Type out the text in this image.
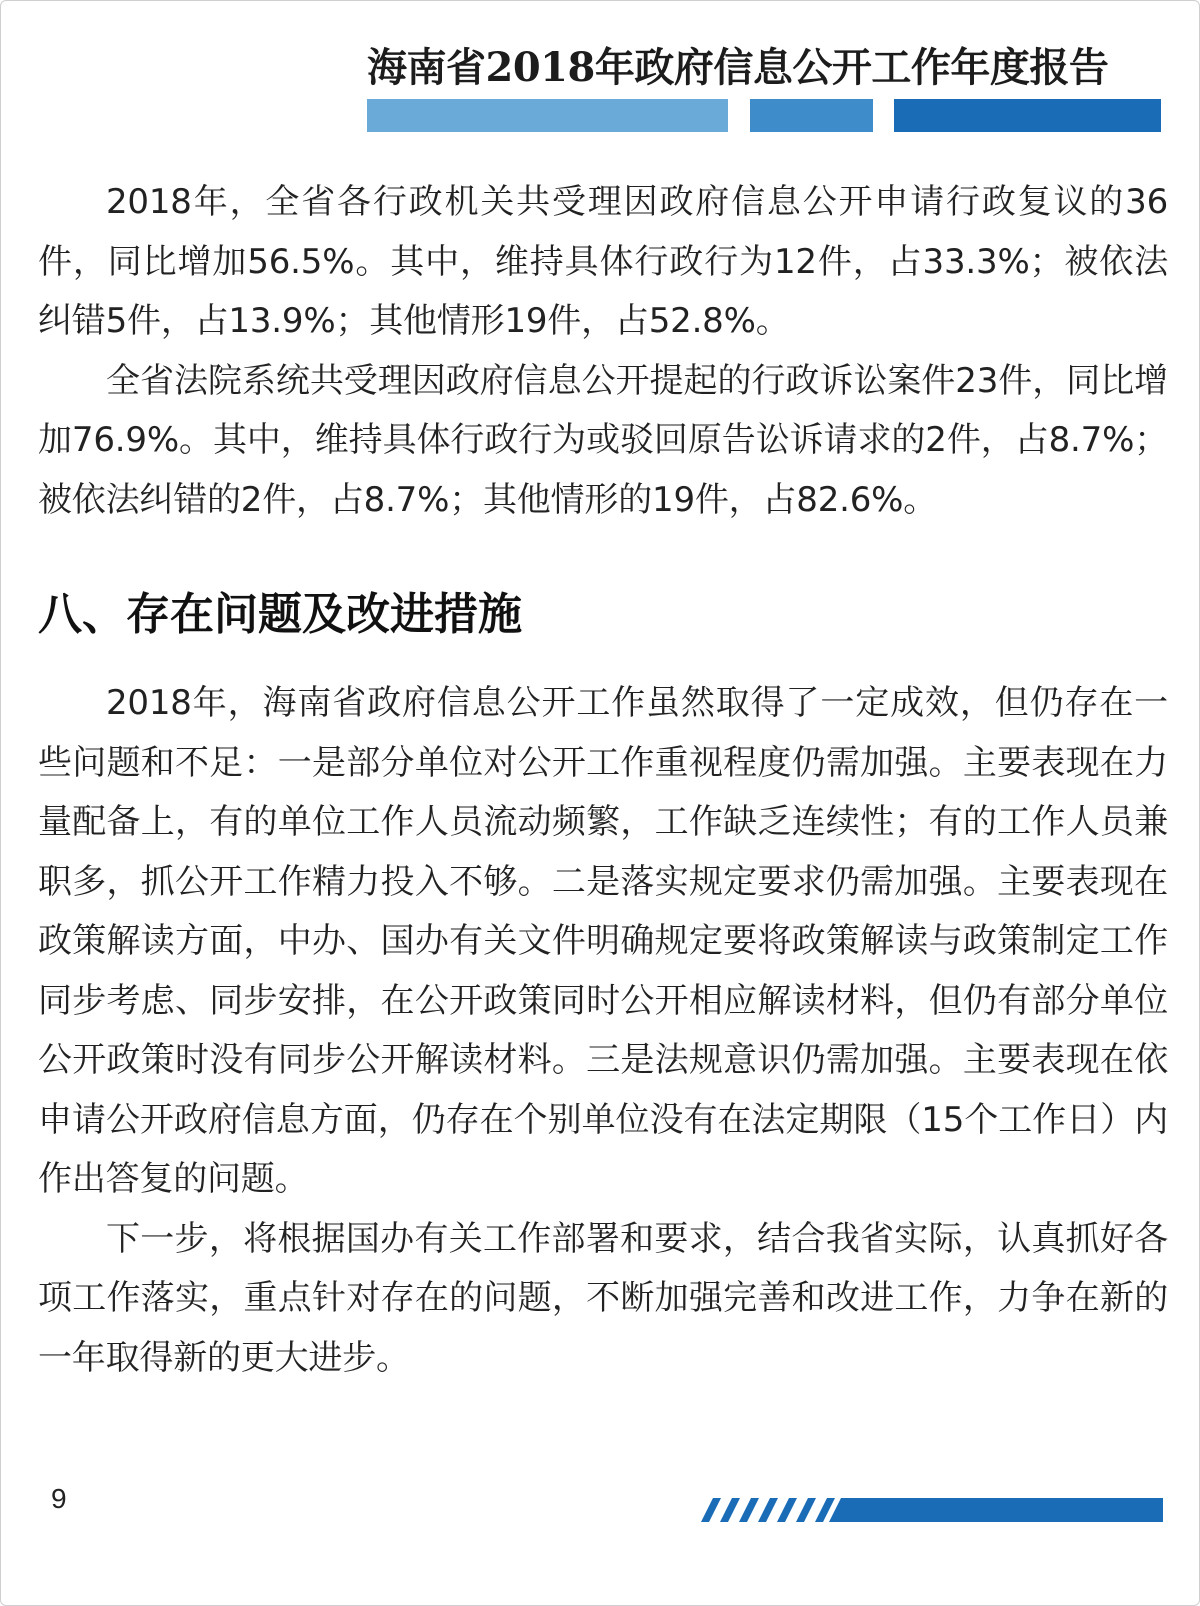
海南省2018年政府信息公开工作年度报告

2018年，全省各行政机关共受理因政府信息公开申请行政复议的36件，同比增加56.5%。其中，维持具体行政行为12件，占33.3%；被依法纠错5件，占13.9%；其他情形19件，占52.8%。

全省法院系统共受理因政府信息公开提起的行政诉讼案件23件，同比增加76.9%。其中，维持具体行政行为或驳回原告讼诉请求的2件，占8.7%；被依法纠错的2件，占8.7%；其他情形的19件，占82.6%。

八、存在问题及改进措施

2018年，海南省政府信息公开工作虽然取得了一定成效，但仍存在一些问题和不足：一是部分单位对公开工作重视程度仍需加强。主要表现在力量配备上，有的单位工作人员流动频繁，工作缺乏连续性；有的工作人员兼职多，抓公开工作精力投入不够。二是落实规定要求仍需加强。主要表现在政策解读方面，中办、国办有关文件明确规定要将政策解读与政策制定工作同步考虑、同步安排，在公开政策同时公开相应解读材料，但仍有部分单位公开政策时没有同步公开解读材料。三是法规意识仍需加强。主要表现在依申请公开政府信息方面，仍存在个别单位没有在法定期限（15个工作日）内作出答复的问题。

下一步，将根据国办有关工作部署和要求，结合我省实际，认真抓好各项工作落实，重点针对存在的问题，不断加强完善和改进工作，力争在新的一年取得新的更大进步。

9
